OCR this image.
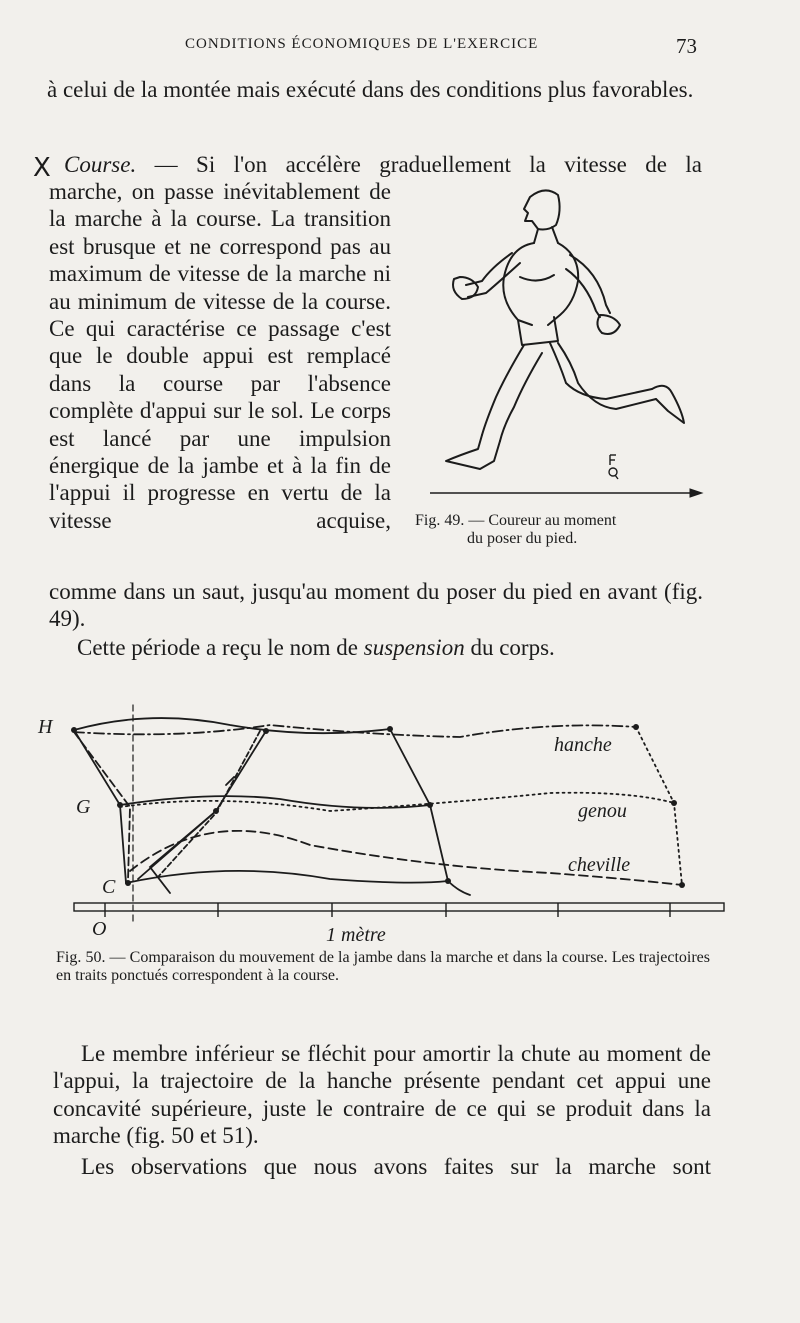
CONDITIONS ÉCONOMIQUES DE L'EXERCICE	73

à celui de la montée mais exécuté dans des conditions plus favorables.

X Course. — Si l'on accélère graduellement la vitesse de la

marche, on passe inévitablement de la marche à la course. La transition est brusque et ne correspond pas au maximum de vitesse de la marche ni au minimum de vitesse de la course. Ce qui caractérise ce passage c'est que le double appui est remplacé dans la course par l'absence complète d'appui sur le sol. Le corps est lancé par une impulsion énergique de la jambe et à la fin de l'appui il progresse en vertu de la vitesse acquise,

comme dans un saut, jusqu'au moment du poser du pied en avant (fig. 49).

Cette période a reçu le nom de suspension du corps.

Fig. 49. — Coureur au moment
du poser du pied.
H
G
C
O	1 mètre
hanche
genou
cheville
Fig. 50. — Comparaison du mouvement de la jambe dans la marche et dans la course. Les trajectoires en traits ponctués correspondent à la course.

Le membre inférieur se fléchit pour amortir la chute au moment de l'appui, la trajectoire de la hanche présente pendant cet appui une concavité supérieure, juste le contraire de ce qui se produit dans la marche (fig. 50 et 51).

Les observations que nous avons faites sur la marche sont
